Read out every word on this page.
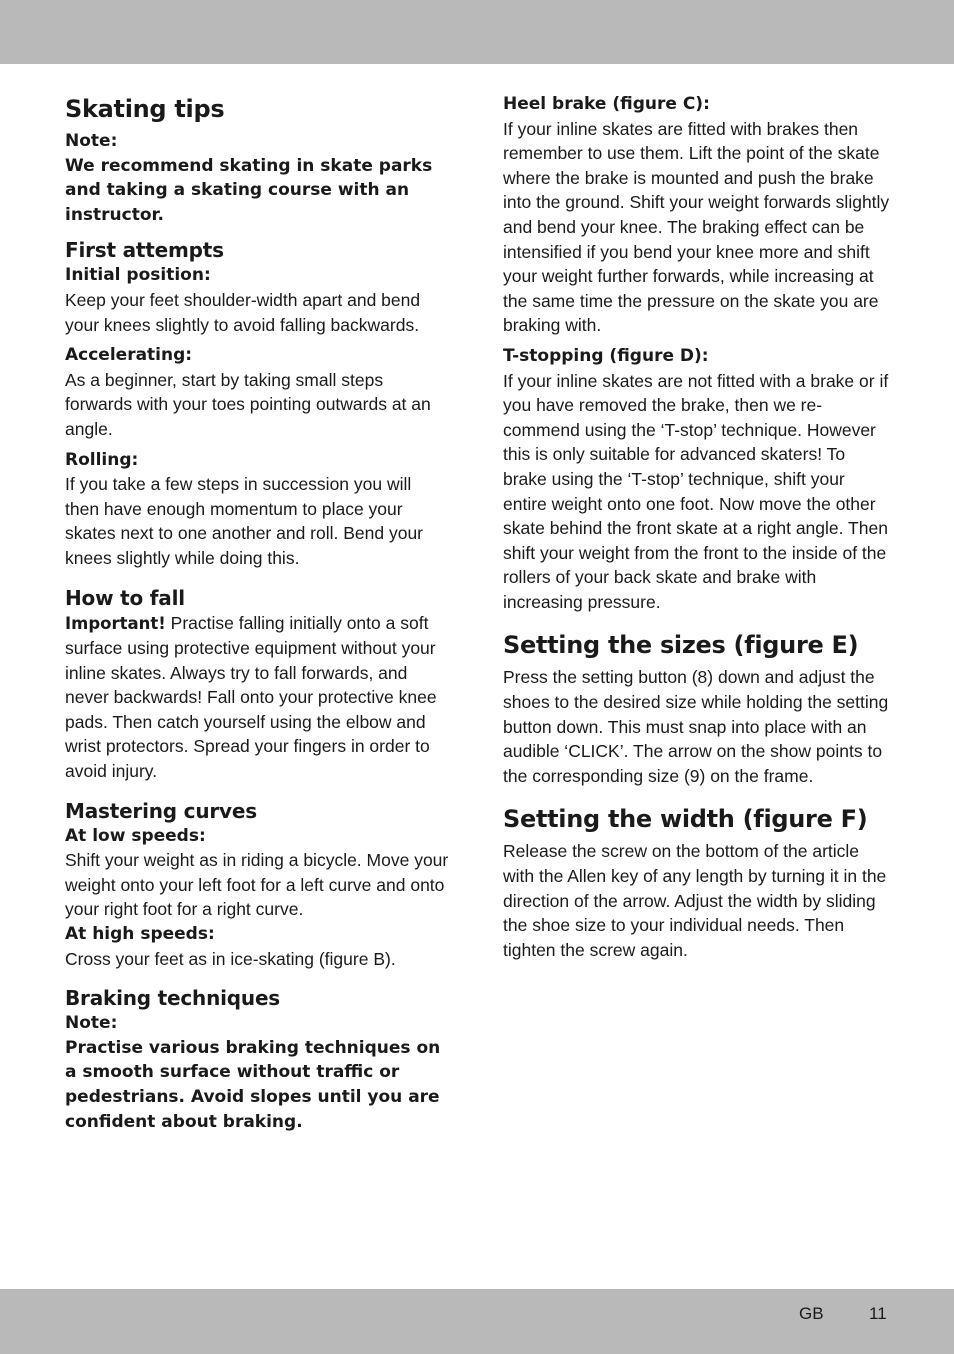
Skating tips
Note:
We recommend skating in skate parks and taking a skating course with an instructor.
First attempts
Initial position:
Keep your feet shoulder-width apart and bend your knees slightly to avoid falling backwards.
Accelerating:
As a beginner, start by taking small steps forwards with your toes pointing outwards at an angle.
Rolling:
If you take a few steps in succession you will then have enough momentum to place your skates next to one another and roll. Bend your knees slightly while doing this.
How to fall
Important! Practise falling initially onto a soft surface using protective equipment without your inline skates. Always try to fall forwards, and never backwards! Fall onto your protective knee pads. Then catch yourself using the elbow and wrist protectors. Spread your fingers in order to avoid injury.
Mastering curves
At low speeds:
Shift your weight as in riding a bicycle. Move your weight onto your left foot for a left curve and onto your right foot for a right curve.
At high speeds:
Cross your feet as in ice-skating (figure B).
Braking techniques
Note:
Practise various braking techniques on a smooth surface without traffic or pedestrians. Avoid slopes until you are confident about braking.
Heel brake (figure C):
If your inline skates are fitted with brakes then remember to use them. Lift the point of the skate where the brake is mounted and push the brake into the ground. Shift your weight forwards slightly and bend your knee. The braking effect can be intensified if you bend your knee more and shift your weight further forwards, while increasing at the same time the pressure on the skate you are braking with.
T-stopping (figure D):
If your inline skates are not fitted with a brake or if you have removed the brake, then we re-commend using the ‘T-stop’ technique. However this is only suitable for advanced skaters! To brake using the ‘T-stop’ technique, shift your entire weight onto one foot. Now move the other skate behind the front skate at a right angle. Then shift your weight from the front to the inside of the rollers of your back skate and brake with increasing pressure.
Setting the sizes (figure E)
Press the setting button (8) down and adjust the shoes to the desired size while holding the setting button down. This must snap into place with an audible ‘CLICK’. The arrow on the show points to the corresponding size (9) on the frame.
Setting the width (figure F)
Release the screw on the bottom of the article with the Allen key of any length by turning it in the direction of the arrow. Adjust the width by sliding the shoe size to your individual needs. Then tighten the screw again.
GB	11
